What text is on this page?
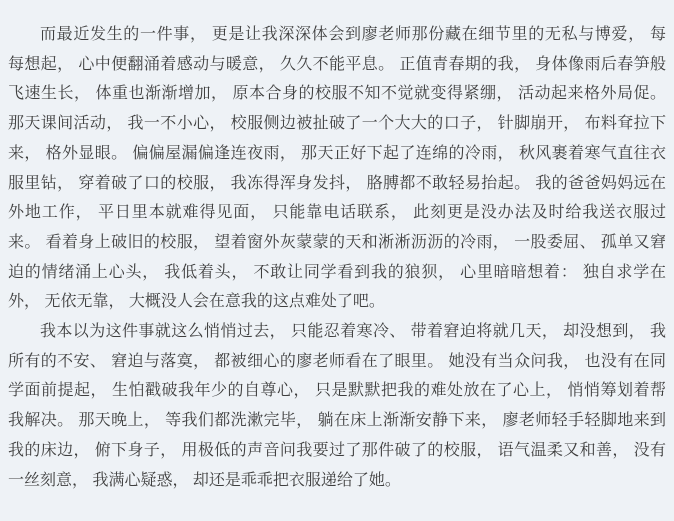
而最近发生的一件事， 更是让我深深体会到廖老师那份藏在细节里的无私与博爱， 每
每想起， 心中便翻涌着感动与暖意， 久久不能平息。 正值青春期的我， 身体像雨后春笋般
飞速生长， 体重也渐渐增加， 原本合身的校服不知不觉就变得紧绷， 活动起来格外局促。
那天课间活动， 我一不小心， 校服侧边被扯破了一个大大的口子， 针脚崩开， 布料耷拉下
来， 格外显眼。 偏偏屋漏偏逢连夜雨， 那天正好下起了连绵的冷雨， 秋风裹着寒气直往衣
服里钻， 穿着破了口的校服， 我冻得浑身发抖， 胳膊都不敢轻易抬起。 我的爸爸妈妈远在
外地工作， 平日里本就难得见面， 只能靠电话联系， 此刻更是没办法及时给我送衣服过
来。 看着身上破旧的校服， 望着窗外灰蒙蒙的天和淅淅沥沥的冷雨， 一股委屈、 孤单又窘
迫的情绪涌上心头， 我低着头， 不敢让同学看到我的狼狈， 心里暗暗想着： 独自求学在
外， 无依无靠， 大概没人会在意我的这点难处了吧。
我本以为这件事就这么悄悄过去， 只能忍着寒冷、 带着窘迫将就几天， 却没想到， 我
所有的不安、 窘迫与落寞， 都被细心的廖老师看在了眼里。 她没有当众问我， 也没有在同
学面前提起， 生怕戳破我年少的自尊心， 只是默默把我的难处放在了心上， 悄悄筹划着帮
我解决。 那天晚上， 等我们都洗漱完毕， 躺在床上渐渐安静下来， 廖老师轻手轻脚地来到
我的床边， 俯下身子， 用极低的声音问我要过了那件破了的校服， 语气温柔又和善， 没有
一丝刻意， 我满心疑惑， 却还是乖乖把衣服递给了她。
